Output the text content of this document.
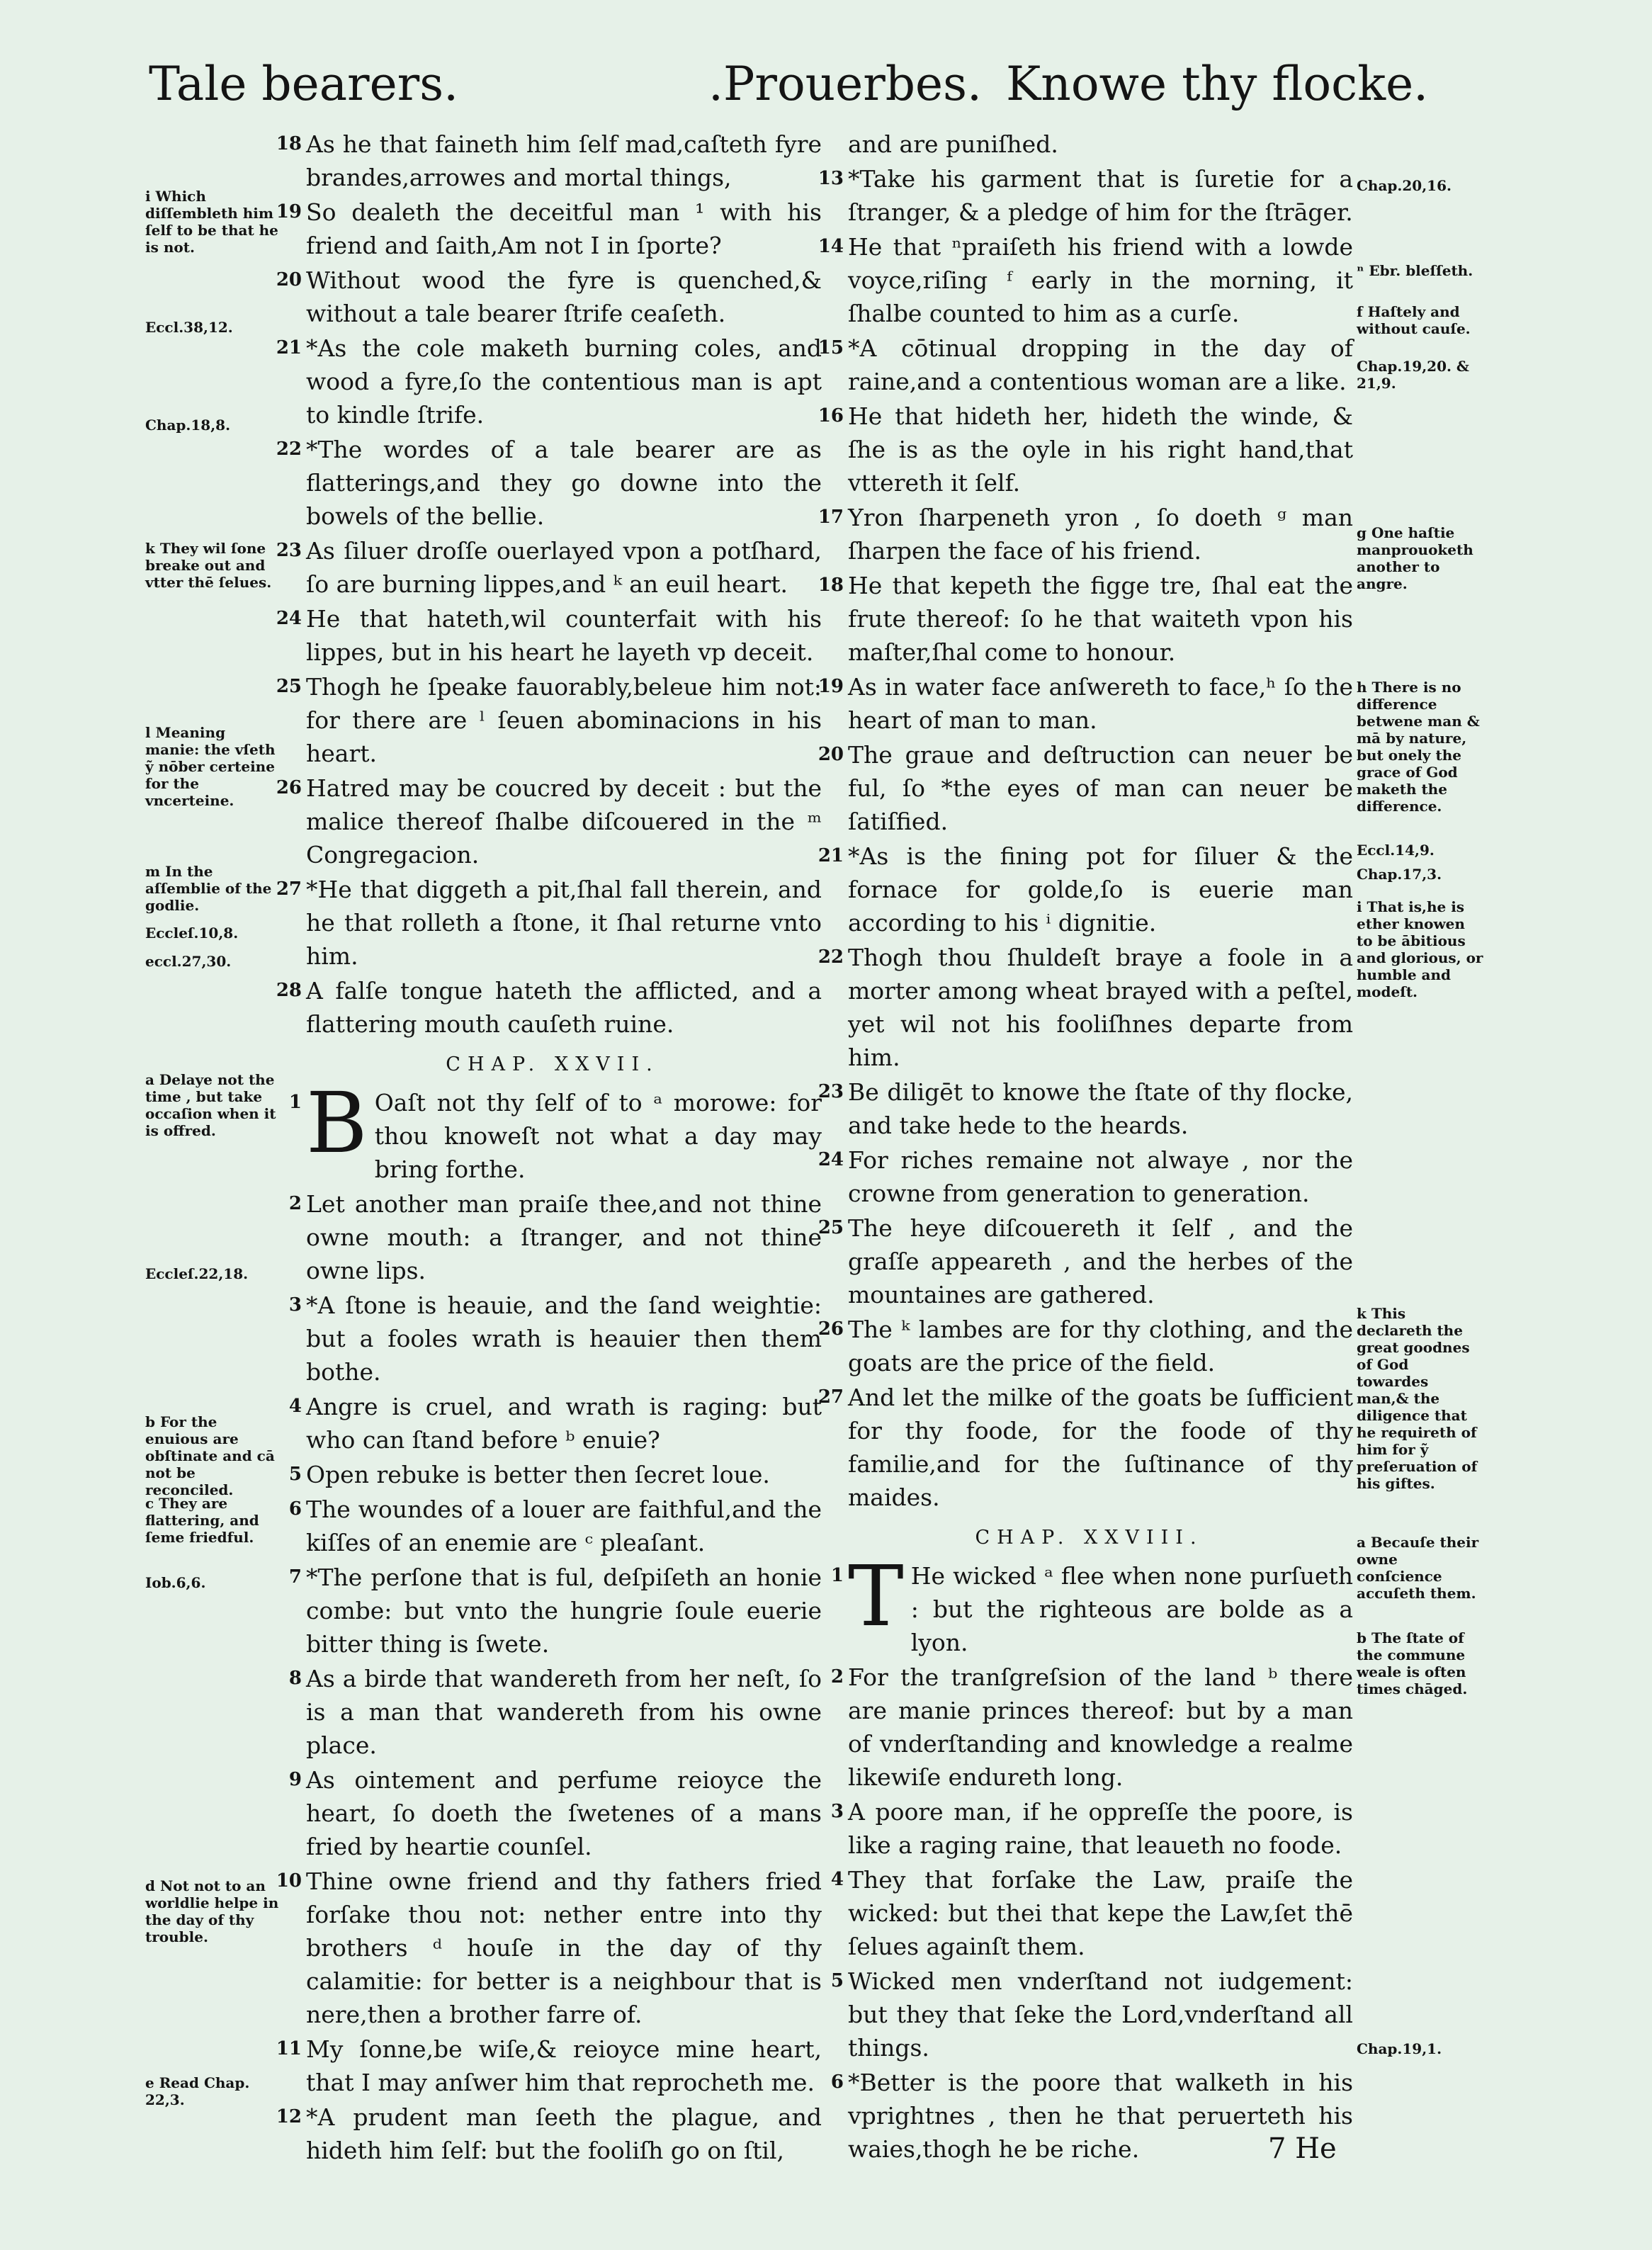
Tale bearers.	.Prouerbes. Knowe thy flocke.
18 As he that faineth him ſelf mad,caſteth fyre brandes,arrowes and mortal things,
19 So dealeth the deceitful man ¹ with his friend and ſaith,Am not I in ſporte?
20 Without wood the fyre is quenched,& without a tale bearer ſtrife ceaſeth.
21 *As the cole maketh burning coles, and wood a fyre,ſo the contentious man is apt to kindle ſtrife.
22 *The wordes of a tale bearer are as flatterings,and they go downe into the bowels of the bellie.
23 As ſiluer droſſe ouerlayed vpon a potſhard, ſo are burning lippes,and ᵏ an euil heart.
24 He that hateth,wil counterfait with his lippes, but in his heart he layeth vp deceit.
25 Thogh he ſpeake fauorably,beleue him not: for there are ˡ ſeuen abominacions in his heart.
26 Hatred may be coucred by deceit : but the malice thereof ſhalbe diſcouered in the ᵐ Congregacion.
27 *He that diggeth a pit,ſhal fall therein, and he that rolleth a ſtone, it ſhal returne vnto him.
28 A falſe tongue hateth the afflicted, and a flattering mouth cauſeth ruine.
CHAP. XXVII.
1 B Oaſt not thy ſelf of to ᵃ morowe: for thou knoweſt not what a day may bring forthe.
2 Let another man praiſe thee,and not thine owne mouth: a ſtranger, and not thine owne lips.
3 *A ſtone is heauie, and the ſand weightie: but a fooles wrath is heauier then them bothe.
4 Angre is cruel, and wrath is raging: but who can ſtand before ᵇ enuie?
5 Open rebuke is better then ſecret loue.
6 The woundes of a louer are faithful,and the kiſſes of an enemie are ᶜ pleaſant.
7 *The perſone that is ful, deſpiſeth an honie combe: but vnto the hungrie ſoule euerie bitter thing is ſwete.
8 As a birde that wandereth from her neſt, ſo is a man that wandereth from his owne place.
9 As ointement and perfume reioyce the heart, ſo doeth the ſwetenes of a mans fried by heartie counſel.
10 Thine owne friend and thy fathers fried forſake thou not: nether entre into thy brothers ᵈ houſe in the day of thy calamitie: for better is a neighbour that is nere,then a brother farre of.
11 My ſonne,be wiſe,& reioyce mine heart, that I may anſwer him that reprocheth me.
12 *A prudent man ſeeth the plague, and hideth him ſelf: but the fooliſh go on ſtil,
and are puniſhed.
13 *Take his garment that is ſuretie for a ſtranger, & a pledge of him for the ſtrāger.
14 He that ⁿpraiſeth his friend with a lowde voyce,riſing ᶠ early in the morning, it ſhalbe counted to him as a curſe.
15 *A cōtinual dropping in the day of raine,and a contentious woman are a like.
16 He that hideth her, hideth the winde, & ſhe is as the oyle in his right hand,that vttereth it ſelf.
17 Yron ſharpeneth yron , ſo doeth ᵍ man ſharpen the face of his friend.
18 He that kepeth the figge tre, ſhal eat the frute thereof: ſo he that waiteth vpon his maſter,ſhal come to honour.
19 As in water face anſwereth to face,ʰ ſo the heart of man to man.
20 The graue and deſtruction can neuer be ful, ſo *the eyes of man can neuer be ſatiſfied.
21 *As is the fining pot for ſiluer & the fornace for golde,ſo is euerie man according to his ⁱ dignitie.
22 Thogh thou ſhuldeſt braye a foole in a morter among wheat brayed with a peſtel, yet wil not his fooliſhnes departe from him.
23 Be diligēt to knowe the ſtate of thy flocke, and take hede to the heards.
24 For riches remaine not alwaye , nor the crowne from generation to generation.
25 The heye diſcouereth it ſelf , and the graſſe appeareth , and the herbes of the mountaines are gathered.
26 The ᵏ lambes are for thy clothing, and the goats are the price of the field.
27 And let the milke of the goats be ſufficient for thy foode, for the foode of thy familie,and for the ſuſtinance of thy maides.
CHAP. XXVIII.
1 T He wicked ᵃ flee when none purſueth : but the righteous are bolde as a lyon.
2 For the tranſgreſsion of the land ᵇ there are manie princes thereof: but by a man of vnderſtanding and knowledge a realme likewiſe endureth long.
3 A poore man, if he oppreſſe the poore, is like a raging raine, that leaueth no foode.
4 They that forſake the Law, praiſe the wicked: but thei that kepe the Law,ſet thē ſelues againſt them.
5 Wicked men vnderſtand not iudgement: but they that ſeke the Lord,vnderſtand all things.
6 *Better is the poore that walketh in his vprightnes , then he that peruerteth his waies,thogh he be riche.
i Which diſſembleth him ſelf to be that he is not.
Eccl.38,12.
Chap.18,8.
k They wil ſone breake out and vtter thē ſelues.
l Meaning manie: the vſeth ỹ nōber certeine for the vncerteine.
m In the aſſemblie of the godlie.
Eccleſ.10,8.
eccl.27,30.
a Delaye not the time , but take occaſion when it is offred.
Eccleſ.22,18.
b For the enuious are obſtinate and cā not be reconciled.
c They are flattering, and ſeme friedful.
Iob.6,6.
d Not not to an worldlie helpe in the day of thy trouble.
e Read Chap. 22,3.
Chap.20,16.
ⁿ Ebr. bleſſeth.
f Haſtely and without cauſe.
Chap.19,20. & 21,9.
g One haſtie manprouoketh another to angre.
h There is no difference betwene man & mā by nature, but onely the grace of God maketh the difference.
Eccl.14,9.
Chap.17,3.
i That is,he is ether knowen to be ābitious and glorious, or humble and modeſt.
k This declareth the great goodnes of God towardes man,& the diligence that he requireth of him for ỹ preſeruation of his giftes.
a Becauſe their owne conſcience accuſeth them.
b The ſtate of the commune weale is often times chāged.
Chap.19,1.
7 He
